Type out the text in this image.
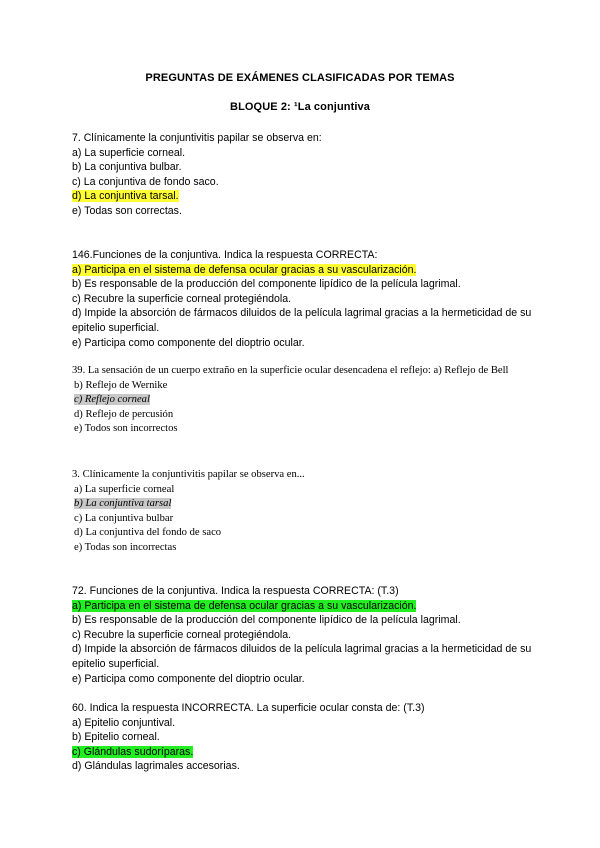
PREGUNTAS DE EXÁMENES CLASIFICADAS POR TEMAS
BLOQUE 2: ¹La conjuntiva
7. Clínicamente la conjuntivitis papilar se observa en:
a) La superficie corneal.
b) La conjuntiva bulbar.
c) La conjuntiva de fondo saco.
d) La conjuntiva tarsal.
e) Todas son correctas.
146.Funciones de la conjuntiva. Indica la respuesta CORRECTA:
a) Participa en el sistema de defensa ocular gracias a su vascularización.
b) Es responsable de la producción del componente lipídico de la película lagrimal.
c) Recubre la superficie corneal protegiéndola.
d) Impide la absorción de fármacos diluidos de la película lagrimal gracias a la hermeticidad de su epitelio superficial.
e) Participa como componente del dioptrio ocular.
39. La sensación de un cuerpo extraño en la superficie ocular desencadena el reflejo: a) Reflejo de Bell
b) Reflejo de Wernike
c) Reflejo corneal
d) Reflejo de percusión
e) Todos son incorrectos
3. Clínicamente la conjuntivitis papilar se observa en...
a) La superficie corneal
b) La conjuntiva tarsal
c) La conjuntiva bulbar
d) La conjuntiva del fondo de saco
e) Todas son incorrectas
72. Funciones de la conjuntiva. Indica la respuesta CORRECTA: (T.3)
a) Participa en el sistema de defensa ocular gracias a su vascularización.
b) Es responsable de la producción del componente lipídico de la película lagrimal.
c) Recubre la superficie corneal protegiéndola.
d) Impide la absorción de fármacos diluidos de la película lagrimal gracias a la hermeticidad de su epitelio superficial.
e) Participa como componente del dioptrio ocular.
60. Indica la respuesta INCORRECTA. La superficie ocular consta de: (T.3)
a) Epitelio conjuntival.
b) Epitelio corneal.
c) Glándulas sudoríparas.
d) Glándulas lagrimales accesorias.
